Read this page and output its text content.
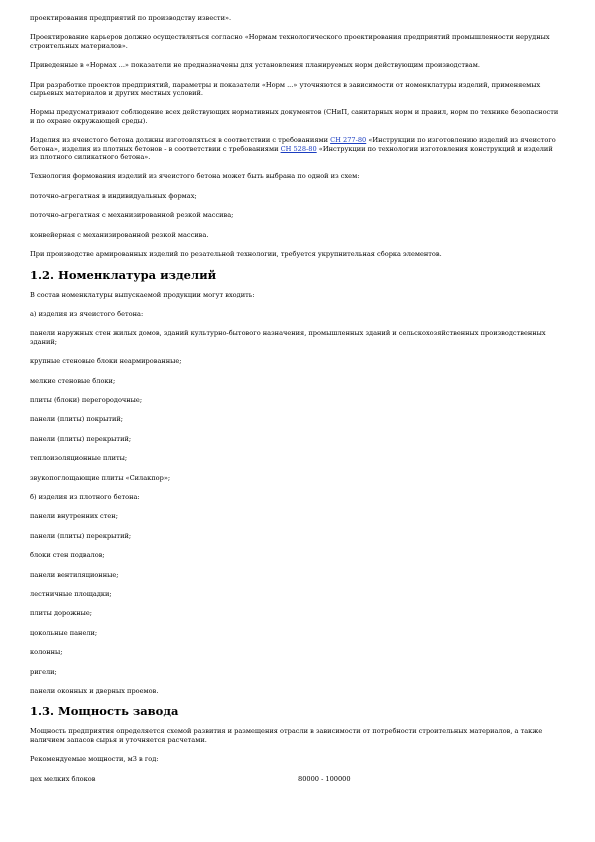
проектирования предприятий по производству извести».

Проектирование карьеров должно осуществляться согласно «Нормам технологического проектирования предприятий промышленности нерудных строительных материалов».

Приведенные в «Нормах ...» показатели не предназначены для установления планируемых норм действующим производствам.

При разработке проектов предприятий, параметры и показатели «Норм ...» уточняются в зависимости от номенклатуры изделий, применяемых сырьевых материалов и других местных условий.

Нормы предусматривают соблюдение всех действующих нормативных документов (СНиП, санитарных норм и правил, норм по технике безопасности и по охране окружающей среды).

Изделия из ячеистого бетона должны изготовляться в соответствии с требованиями СН 277-80 «Инструкции по изготовлению изделий из ячеистого бетона», изделия из плотных бетонов - в соответствии с требованиями СН 528-80 «Инструкции по технологии изготовления конструкций и изделий из плотного силикатного бетона».

Технология формования изделий из ячеистого бетона может быть выбрана по одной из схем:

поточно-агрегатная в индивидуальных формах;

поточно-агрегатная с механизированной резкой массива;

конвейерная с механизированной резкой массива.

При производстве армированных изделий по резательной технологии, требуется укрупнительная сборка элементов.

1.2. Номенклатура изделий

В состав номенклатуры выпускаемой продукции могут входить:

а) изделия из ячеистого бетона:

панели наружных стен жилых домов, зданий культурно-бытового назначения, промышленных зданий и сельскохозяйственных производственных зданий;

крупные стеновые блоки неармированные;

мелкие стеновые блоки;

плиты (блоки) перегородочные;

панели (плиты) покрытий;

панели (плиты) перекрытий;

теплоизоляционные плиты;

звукопоглощающие плиты «Силакпор»;

б) изделия из плотного бетона:

панели внутренних стен;

панели (плиты) перекрытий;

блоки стен подвалов;

панели вентиляционные;

лестничные площадки;

плиты дорожные;

цокольные панели;

колонны;

ригели;

панели оконных и дверных проемов.

1.3. Мощность завода

Мощность предприятия определяется схемой развития и размещения отрасли в зависимости от потребности строительных материалов, а также наличием запасов сырья и уточняется расчетами.

Рекомендуемые мощности, м3 в год:

цех мелких блоков	80000 - 100000
